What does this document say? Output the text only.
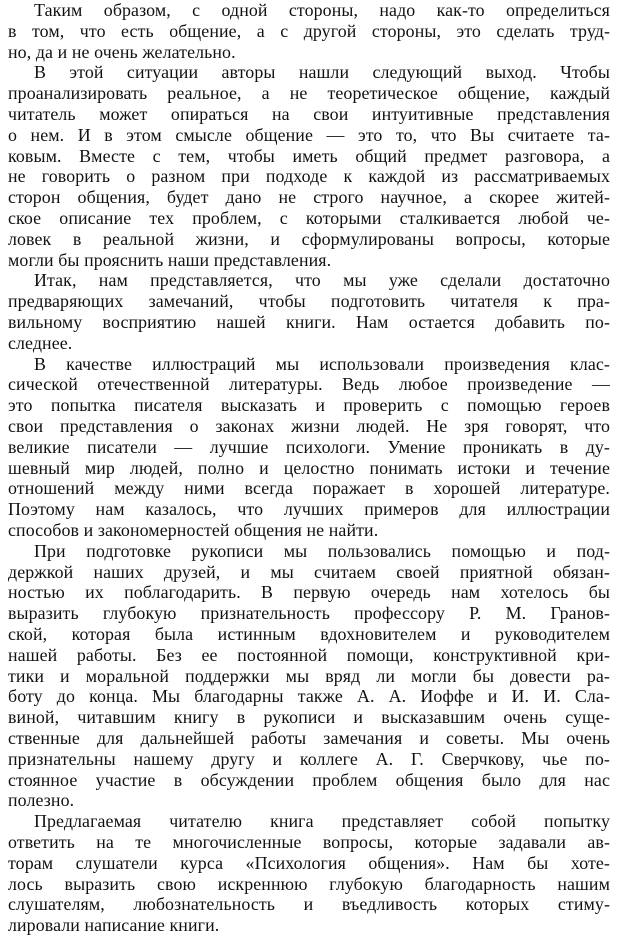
Таким образом, с одной стороны, надо как-то определиться
в том, что есть общение, а с другой стороны, это сделать труд-
но, да и не очень желательно.
В этой ситуации авторы нашли следующий выход. Чтобы
проанализировать реальное, а не теоретическое общение, каждый
читатель может опираться на свои интуитивные представления
о нем. И в этом смысле общение — это то, что Вы считаете та-
ковым. Вместе с тем, чтобы иметь общий предмет разговора, а
не говорить о разном при подходе к каждой из рассматриваемых
сторон общения, будет дано не строго научное, а скорее житей-
ское описание тех проблем, с которыми сталкивается любой че-
ловек в реальной жизни, и сформулированы вопросы, которые
могли бы прояснить наши представления.
Итак, нам представляется, что мы уже сделали достаточно
предваряющих замечаний, чтобы подготовить читателя к пра-
вильному восприятию нашей книги. Нам остается добавить по-
следнее.
В качестве иллюстраций мы использовали произведения клас-
сической отечественной литературы. Ведь любое произведение —
это попытка писателя высказать и проверить с помощью героев
свои представления о законах жизни людей. Не зря говорят, что
великие писатели — лучшие психологи. Умение проникать в ду-
шевный мир людей, полно и целостно понимать истоки и течение
отношений между ними всегда поражает в хорошей литературе.
Поэтому нам казалось, что лучших примеров для иллюстрации
способов и закономерностей общения не найти.
При подготовке рукописи мы пользовались помощью и под-
держкой наших друзей, и мы считаем своей приятной обязан-
ностью их поблагодарить. В первую очередь нам хотелось бы
выразить глубокую признательность профессору Р. М. Гранов-
ской, которая была истинным вдохновителем и руководителем
нашей работы. Без ее постоянной помощи, конструктивной кри-
тики и моральной поддержки мы вряд ли могли бы довести ра-
боту до конца. Мы благодарны также А. А. Иоффе и И. И. Сла-
виной, читавшим книгу в рукописи и высказавшим очень суще-
ственные для дальнейшей работы замечания и советы. Мы очень
признательны нашему другу и коллеге А. Г. Сверчкову, чье по-
стоянное участие в обсуждении проблем общения было для нас
полезно.
Предлагаемая читателю книга представляет собой попытку
ответить на те многочисленные вопросы, которые задавали ав-
торам слушатели курса «Психология общения». Нам бы хоте-
лось выразить свою искреннюю глубокую благодарность нашим
слушателям, любознательность и въедливость которых стиму-
лировали написание книги.
